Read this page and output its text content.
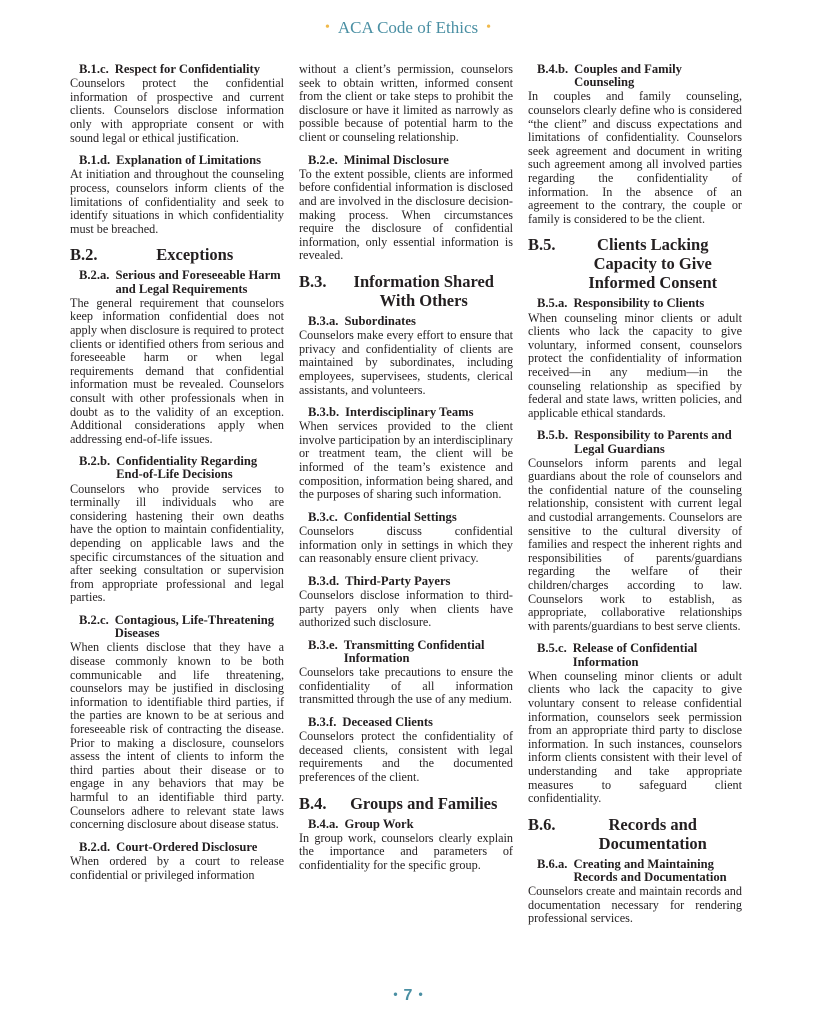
• ACA Code of Ethics •
B.1.c. Respect for Confidentiality
Counselors protect the confidential information of prospective and current clients. Counselors disclose information only with appropriate consent or with sound legal or ethical justification.
B.1.d. Explanation of Limitations
At initiation and throughout the counseling process, counselors inform clients of the limitations of confidentiality and seek to identify situations in which confidentiality must be breached.
B.2.	Exceptions
B.2.a. Serious and Foreseeable Harm and Legal Requirements
The general requirement that counselors keep information confidential does not apply when disclosure is required to protect clients or identified others from serious and foreseeable harm or when legal requirements demand that confidential information must be revealed. Counselors consult with other professionals when in doubt as to the validity of an exception. Additional considerations apply when addressing end-of-life issues.
B.2.b. Confidentiality Regarding End-of-Life Decisions
Counselors who provide services to terminally ill individuals who are considering hastening their own deaths have the option to maintain confidentiality, depending on applicable laws and the specific circumstances of the situation and after seeking consultation or supervision from appropriate professional and legal parties.
B.2.c. Contagious, Life-Threatening Diseases
When clients disclose that they have a disease commonly known to be both communicable and life threatening, counselors may be justified in disclosing information to identifiable third parties, if the parties are known to be at serious and foreseeable risk of contracting the disease. Prior to making a disclosure, counselors assess the intent of clients to inform the third parties about their disease or to engage in any behaviors that may be harmful to an identifiable third party. Counselors adhere to relevant state laws concerning disclosure about disease status.
B.2.d. Court-Ordered Disclosure
When ordered by a court to release confidential or privileged information
without a client’s permission, counselors seek to obtain written, informed consent from the client or take steps to prohibit the disclosure or have it limited as narrowly as possible because of potential harm to the client or counseling relationship.
B.2.e. Minimal Disclosure
To the extent possible, clients are informed before confidential information is disclosed and are involved in the disclosure decision-making process. When circumstances require the disclosure of confidential information, only essential information is revealed.
B.3.	Information Shared With Others
B.3.a. Subordinates
Counselors make every effort to ensure that privacy and confidentiality of clients are maintained by subordinates, including employees, supervisees, students, clerical assistants, and volunteers.
B.3.b. Interdisciplinary Teams
When services provided to the client involve participation by an interdisciplinary or treatment team, the client will be informed of the team’s existence and composition, information being shared, and the purposes of sharing such information.
B.3.c. Confidential Settings
Counselors discuss confidential information only in settings in which they can reasonably ensure client privacy.
B.3.d. Third-Party Payers
Counselors disclose information to third-party payers only when clients have authorized such disclosure.
B.3.e. Transmitting Confidential Information
Counselors take precautions to ensure the confidentiality of all information transmitted through the use of any medium.
B.3.f. Deceased Clients
Counselors protect the confidentiality of deceased clients, consistent with legal requirements and the documented preferences of the client.
B.4.	Groups and Families
B.4.a. Group Work
In group work, counselors clearly explain the importance and parameters of confidentiality for the specific group.
B.4.b. Couples and Family Counseling
In couples and family counseling, counselors clearly define who is considered “the client” and discuss expectations and limitations of confidentiality. Counselors seek agreement and document in writing such agreement among all involved parties regarding the confidentiality of information. In the absence of an agreement to the contrary, the couple or family is considered to be the client.
B.5.	Clients Lacking Capacity to Give Informed Consent
B.5.a. Responsibility to Clients
When counseling minor clients or adult clients who lack the capacity to give voluntary, informed consent, counselors protect the confidentiality of information received—in any medium—in the counseling relationship as specified by federal and state laws, written policies, and applicable ethical standards.
B.5.b. Responsibility to Parents and Legal Guardians
Counselors inform parents and legal guardians about the role of counselors and the confidential nature of the counseling relationship, consistent with current legal and custodial arrangements. Counselors are sensitive to the cultural diversity of families and respect the inherent rights and responsibilities of parents/guardians regarding the welfare of their children/charges according to law. Counselors work to establish, as appropriate, collaborative relationships with parents/guardians to best serve clients.
B.5.c. Release of Confidential Information
When counseling minor clients or adult clients who lack the capacity to give voluntary consent to release confidential information, counselors seek permission from an appropriate third party to disclose information. In such instances, counselors inform clients consistent with their level of understanding and take appropriate measures to safeguard client confidentiality.
B.6.	Records and Documentation
B.6.a. Creating and Maintaining Records and Documentation
Counselors create and maintain records and documentation necessary for rendering professional services.
• 7 •
